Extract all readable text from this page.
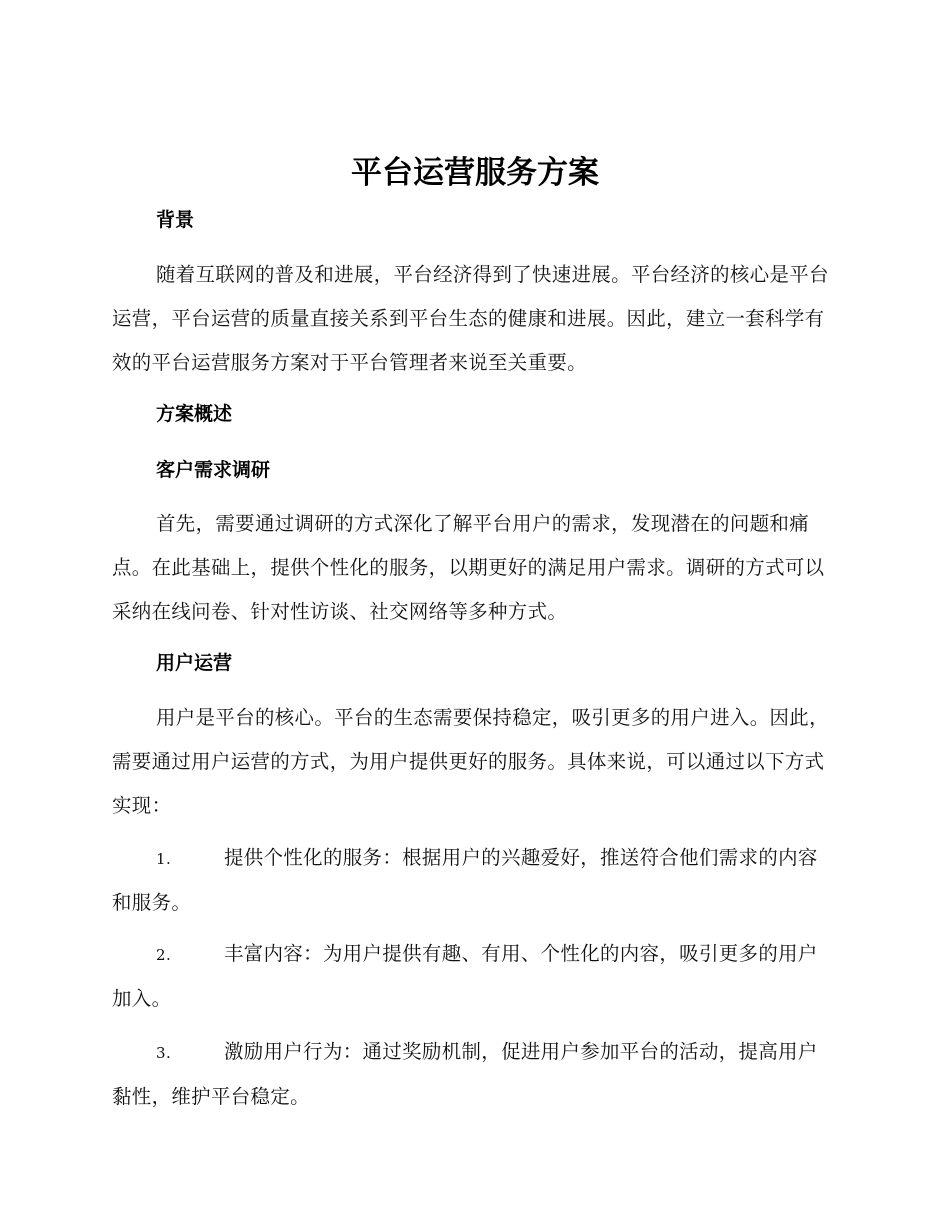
平台运营服务方案
背景

随着互联网的普及和进展，平台经济得到了快速进展。平台经济的核心是平台运营，平台运营的质量直接关系到平台生态的健康和进展。因此，建立一套科学有效的平台运营服务方案对于平台管理者来说至关重要。

方案概述
客户需求调研

首先，需要通过调研的方式深化了解平台用户的需求，发现潜在的问题和痛点。在此基础上，提供个性化的服务，以期更好的满足用户需求。调研的方式可以采纳在线问卷、针对性访谈、社交网络等多种方式。

用户运营

用户是平台的核心。平台的生态需要保持稳定，吸引更多的用户进入。因此，需要通过用户运营的方式，为用户提供更好的服务。具体来说，可以通过以下方式实现：

1.	提供个性化的服务：根据用户的兴趣爱好，推送符合他们需求的内容和服务。

2.	丰富内容：为用户提供有趣、有用、个性化的内容，吸引更多的用户加入。

3.	激励用户行为：通过奖励机制，促进用户参加平台的活动，提高用户黏性，维护平台稳定。
